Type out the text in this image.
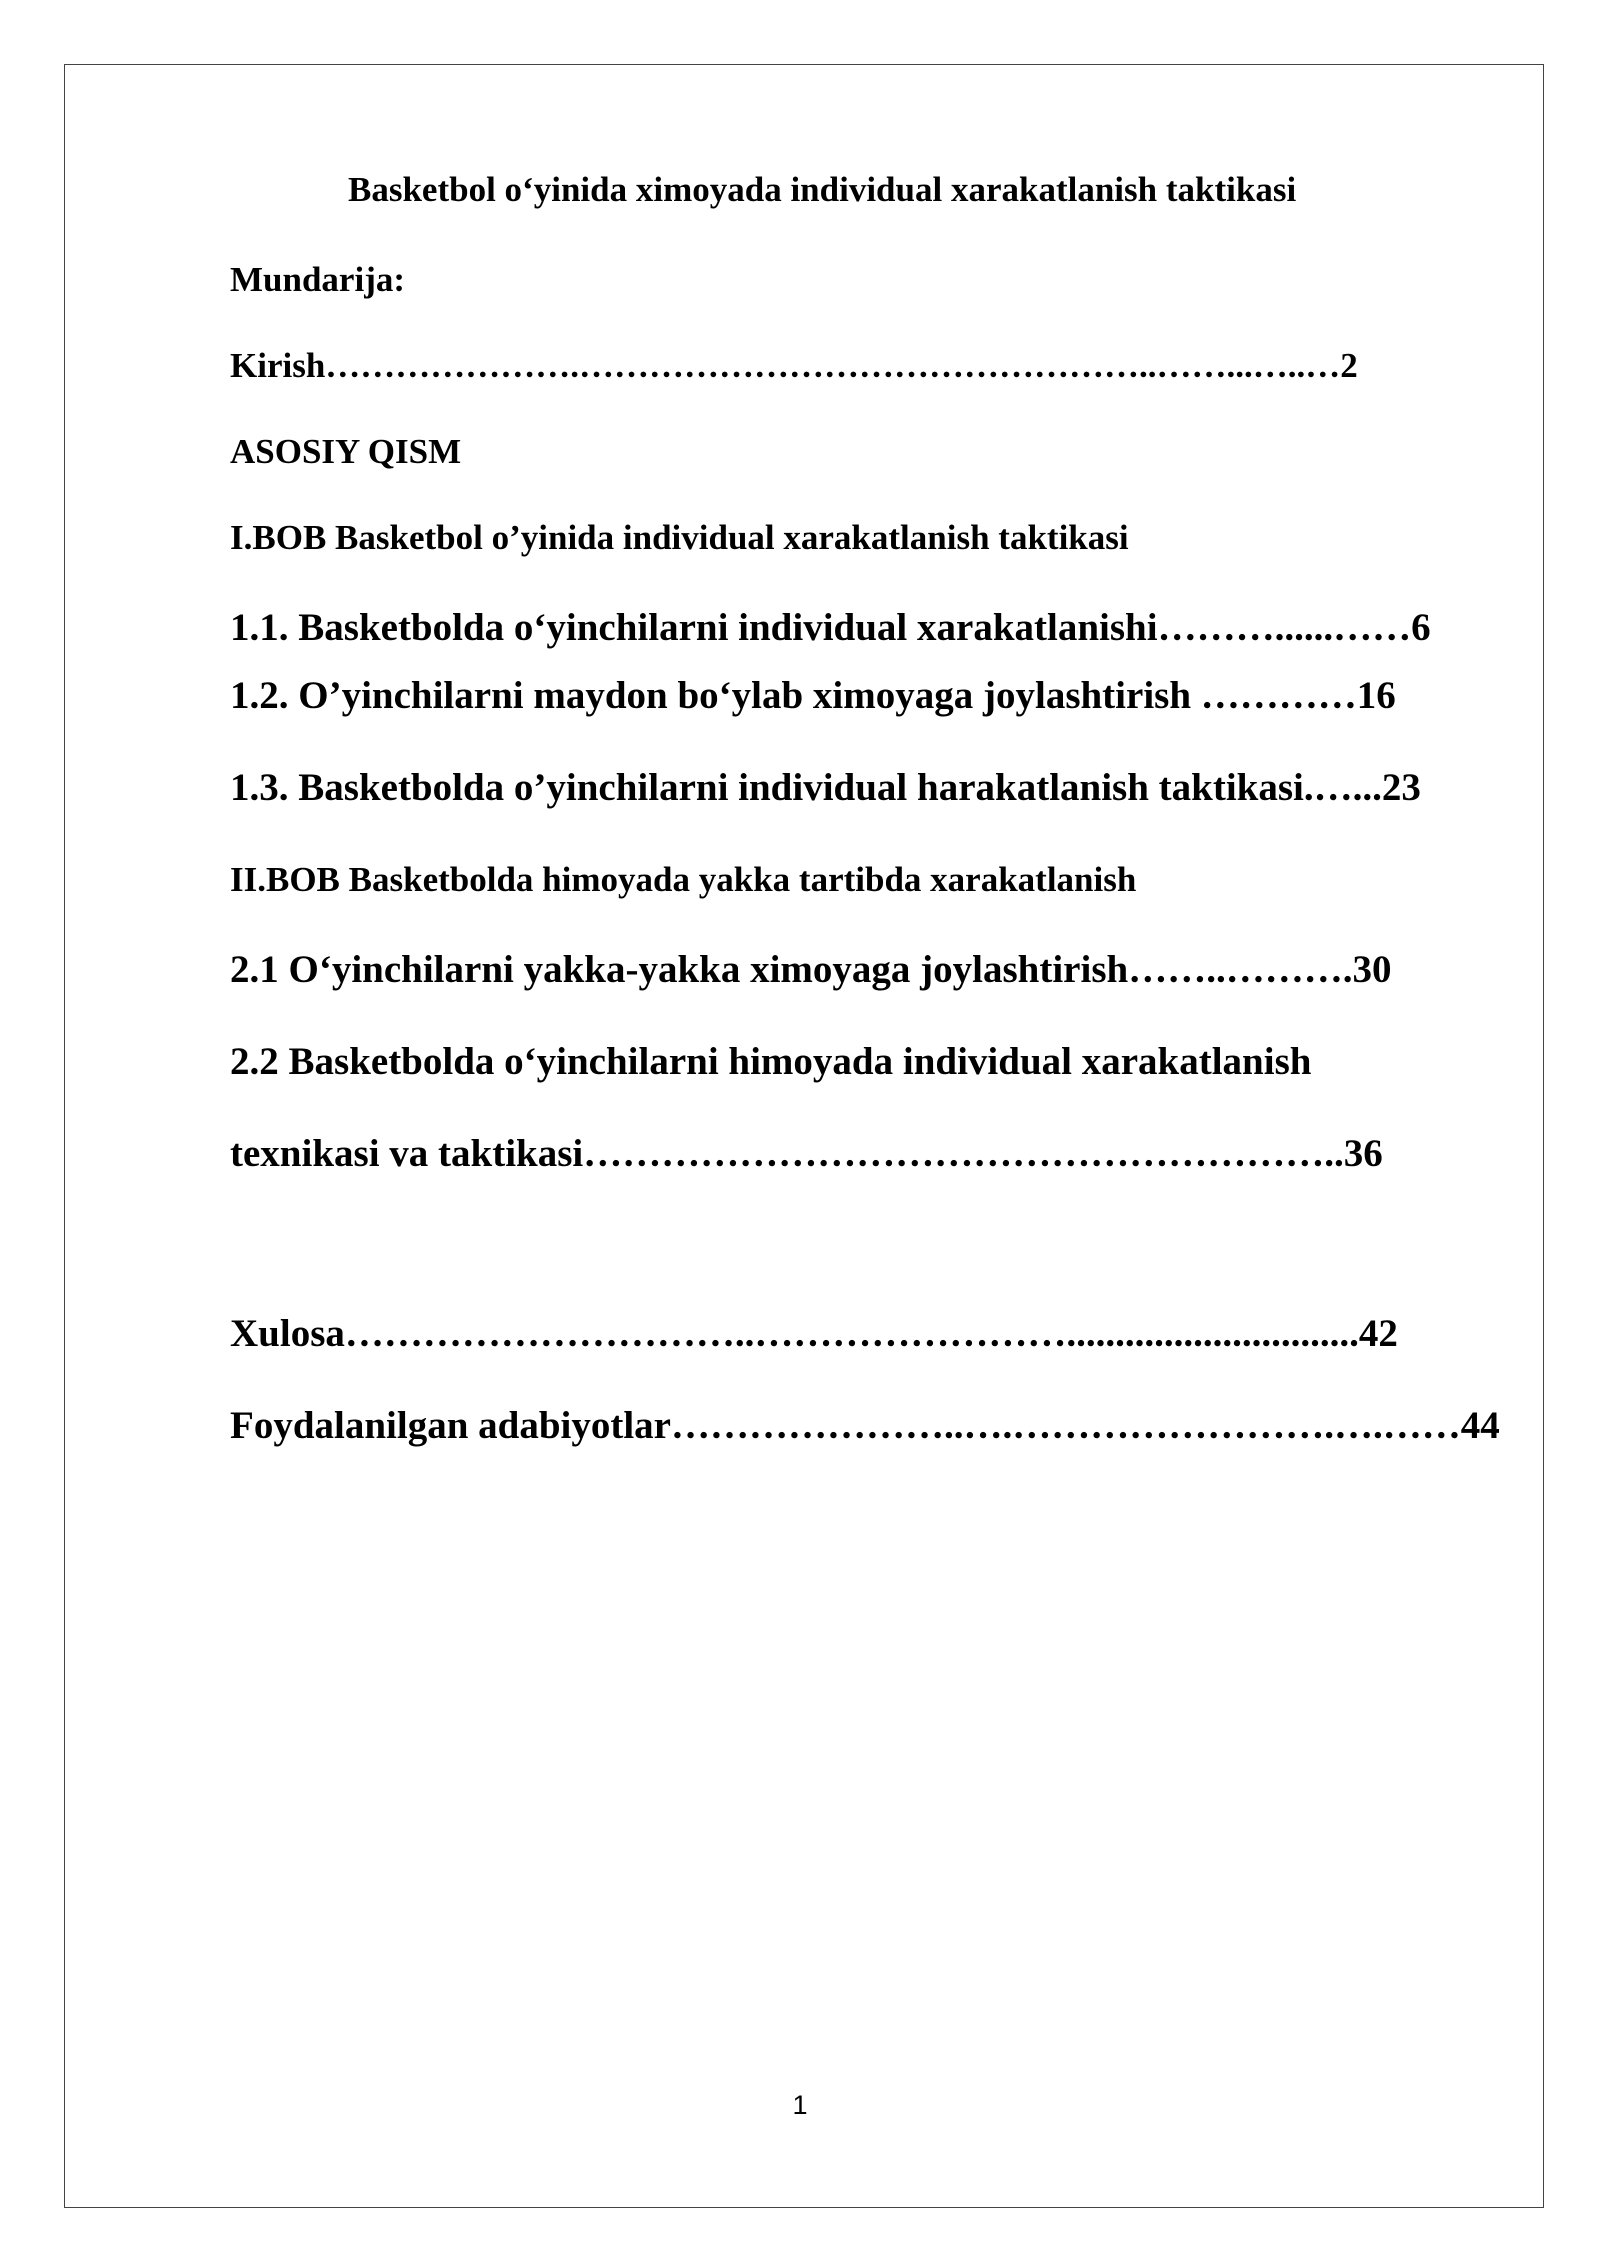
Basketbol o‘yinida ximoyada individual xarakatlanish taktikasi
Mundarija:
Kirish………………….…………………………………………..……...…..…2
ASOSIY QISM
I.BOB Basketbol o’yinida individual xarakatlanish taktikasi
1.1. Basketbolda o‘yinchilarni individual xarakatlanishi………......……6
1.2. O’yinchilarni maydon bo‘ylab ximoyaga joylashtirish …………16
1.3. Basketbolda o’yinchilarni individual harakatlanish taktikasi.…...23
II.BOB Basketbolda himoyada yakka tartibda xarakatlanish
2.1 O‘yinchilarni yakka-yakka ximoyaga joylashtirish……..……….30
2.2 Basketbolda o‘yinchilarni himoyada individual xarakatlanish
texnikasi va taktikasi…………………………………………………..36
Xulosa…………………………..……………………..............................42
Foydalanilgan adabiyotlar…………………..….…………………….….……44
1
